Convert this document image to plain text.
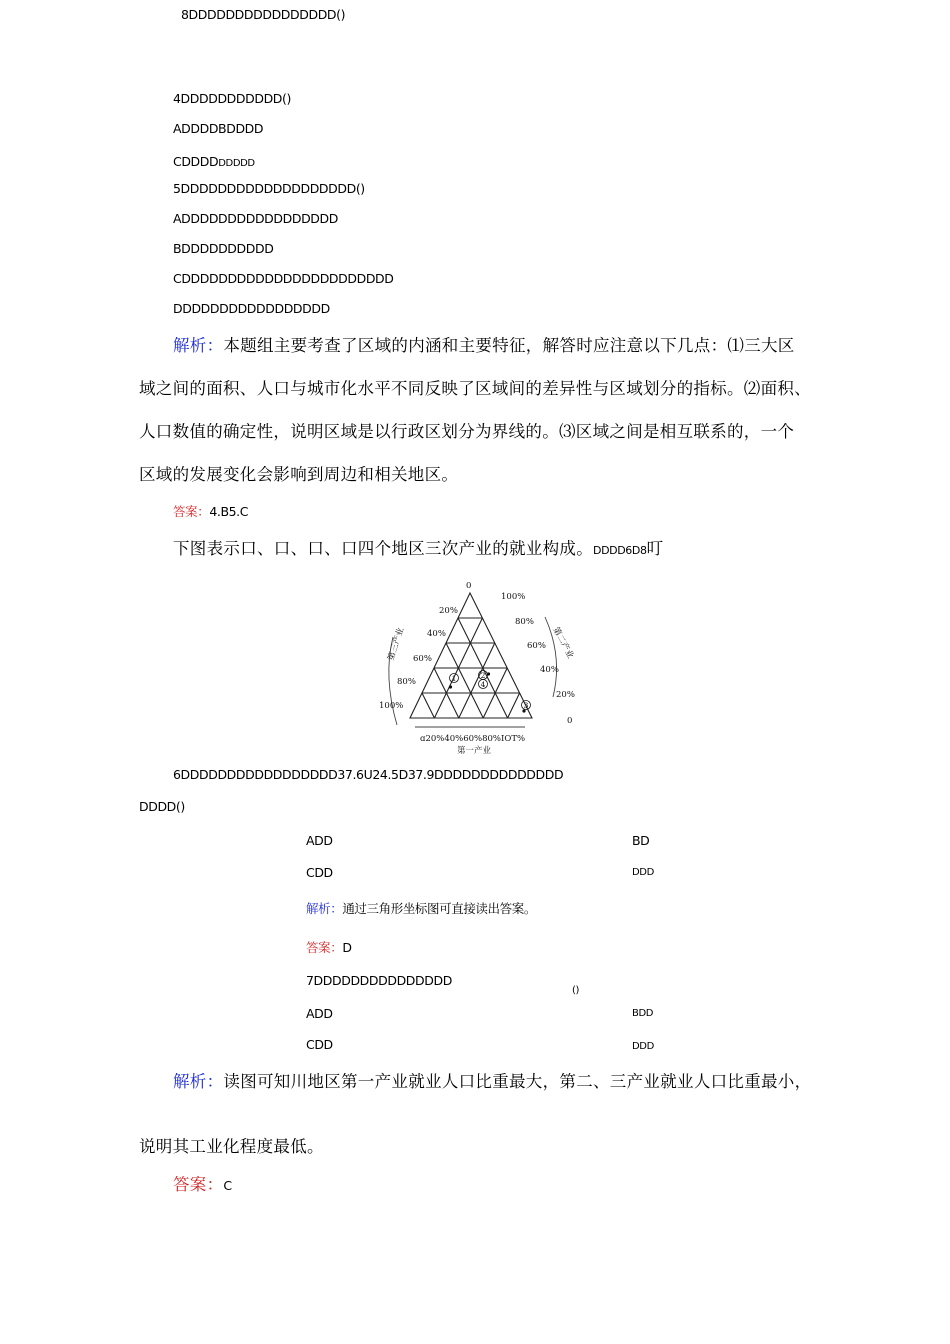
8DDDDDDDDDDDDDDDD()
4DDDDDDDDDDD()
ADDDDBDDDD
CDDDDDDDDD
5DDDDDDDDDDDDDDDDDDD()
ADDDDDDDDDDDDDDDDD
BDDDDDDDDDD
CDDDDDDDDDDDDDDDDDDDDDDD
DDDDDDDDDDDDDDDDD
解析：本题组主要考查了区域的内涵和主要特征，解答时应注意以下几点：⑴三大区
域之间的面积、人口与城市化水平不同反映了区域间的差异性与区域划分的指标。⑵面积、
人口数值的确定性，说明区域是以行政区划分为界线的。⑶区域之间是相互联系的，一个
区域的发展变化会影响到周边和相关地区。
答案：4.B5.C
下图表示口、口、口、口四个地区三次产业的就业构成。DDDD6D8叮
1	2
4
3
0
20%
40%
60%
80%
100%
100%
80%
60%
40%
20%
0
ɑ20%40%60%80%IOT%
第三产业	第二产业
第一产业
6DDDDDDDDDDDDDDDDD37.6U24.5D37.9DDDDDDDDDDDDDD
DDDD()
ADD	BD
CDD	DDD
解析：通过三角形坐标图可直接读出答案。
答案：D
7DDDDDDDDDDDDDDD
()
ADD	BDD
CDD	DDD
解析：读图可知川地区第一产业就业人口比重最大，第二、三产业就业人口比重最小，
说明其工业化程度最低。
答案：C
